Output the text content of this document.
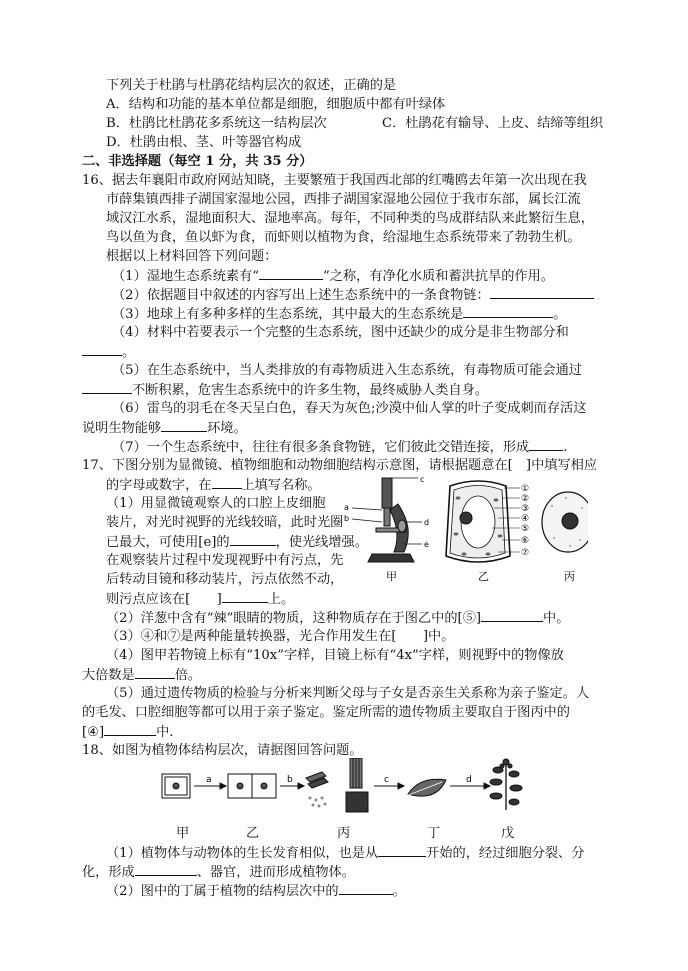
下列关于杜鹃与杜鹃花结构层次的叙述，正确的是
A．结构和功能的基本单位都是细胞，细胞质中都有叶绿体
B．杜鹃比杜鹃花多系统这一结构层次	C．杜鹃花有输导、上皮、结缔等组织
D．杜鹃由根、茎、叶等器官构成
二、非选择题（每空 1 分，共 35 分）
16、据去年襄阳市政府网站知晓，主要繁殖于我国西北部的红嘴鸥去年第一次出现在我
市薛集镇西排子湖国家湿地公园，西排子湖国家湿地公园位于我市东部，属长江流
域汉江水系，湿地面积大、湿地率高。每年，不同种类的鸟成群结队来此繁衍生息，
鸟以鱼为食，鱼以虾为食，而虾则以植物为食，给湿地生态系统带来了勃勃生机。
根据以上材料回答下列问题：
（1）湿地生态系统素有“	”之称，有净化水质和蓄洪抗旱的作用。
（2）依据题目中叙述的内容写出上述生态系统中的一条食物链：
（3）地球上有多种多样的生态系统，其中最大的生态系统是	。
（4）材料中若要表示一个完整的生态系统，图中还缺少的成分是非生物部分和
。
（5）在生态系统中，当人类排放的有毒物质进入生态系统，有毒物质可能会通过
不断积累，危害生态系统中的许多生物，最终威胁人类自身。
（6）雷鸟的羽毛在冬天呈白色，春天为灰色;沙漠中仙人掌的叶子变成刺而存活这
说明生物能够	环境。
（7）一个生态系统中，往往有很多条食物链，它们彼此交错连接，形成	.
17、下图分别为显微镜、植物细胞和动物细胞结构示意图，请根据题意在[　]中填写相应
的字母或数字，在 上填写名称。
（1）用显微镜观察人的口腔上皮细胞
装片，对光时视野的光线较暗，此时光圈
已最大，可使用[e]的	，使光线增强。
在观察装片过程中发现视野中有污点，先
后转动目镜和移动装片，污点依然不动，
则污点应该在[　　]	上。
c
a
b	d
e
①
②
③
④
⑤
⑥
⑦
甲	乙	丙
（2）洋葱中含有“辣”眼睛的物质，这种物质存在于图乙中的[⑤]	中。
（3）④和⑦是两种能量转换器，光合作用发生在[　　]中。
（4）图甲若物镜上标有“10x”字样，目镜上标有“4x”字样，则视野中的物像放
大倍数是	倍。
（5）通过遗传物质的检验与分析来判断父母与子女是否亲生关系称为亲子鉴定。人
的毛发、口腔细胞等都可以用于亲子鉴定。鉴定所需的遗传物质主要取自于图丙中的
[④]	中.
18、如图为植物体结构层次，请据图回答问题。
a	b	c	d
甲	乙	丙	丁	戊
（1）植物体与动物体的生长发育相似，也是从	开始的，经过细胞分裂、分
化，形成	、器官，进而形成植物体。
（2）图中的丁属于植物的结构层次中的	。
